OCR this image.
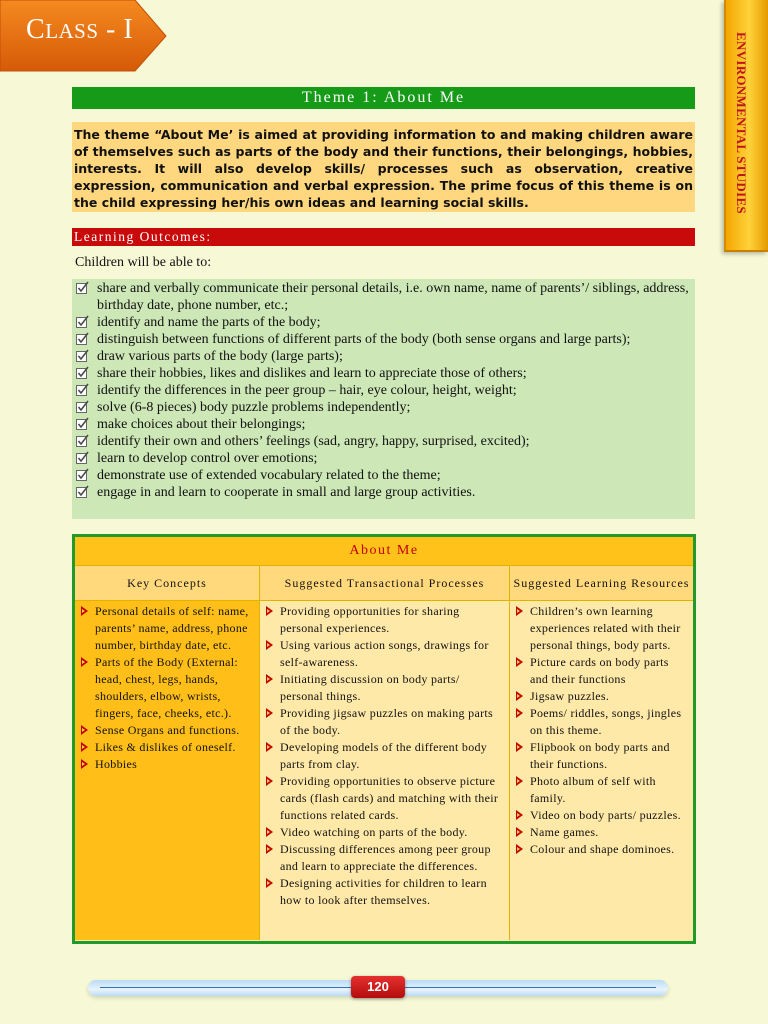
CLASS - I
ENVIRONMENTAL STUDIES
Theme 1: About Me
The theme “About Me’ is aimed at providing information to and making children aware of themselves such as parts of the body and their functions, their belongings, hobbies, interests. It will also develop skills/ processes such as observation, creative expression, communication and verbal expression. The prime focus of this theme is on the child expressing her/his own ideas and learning social skills.
Learning Outcomes:
Children will be able to:
share and verbally communicate their personal details, i.e. own name, name of parents’/ siblings, address, birthday date, phone number, etc.;
identify and name the parts of the body;
distinguish between functions of different parts of the body (both sense organs and large parts);
draw various parts of the body (large parts);
share their hobbies, likes and dislikes and learn to appreciate those of others;
identify the differences in the peer group – hair, eye colour, height, weight;
solve (6-8 pieces) body puzzle problems independently;
make choices about their belongings;
identify their own and others’ feelings (sad, angry, happy, surprised, excited);
learn to develop control over emotions;
demonstrate use of extended vocabulary related to the theme;
engage in and learn to cooperate in small and large group activities.
About Me
Key Concepts	Suggested Transactional Processes	Suggested Learning Resources
Personal details of self: name, parents’ name, address, phone number, birthday date, etc.
Parts of the Body (External: head, chest, legs, hands, shoulders, elbow, wrists, fingers, face, cheeks, etc.).
Sense Organs and functions.
Likes & dislikes of oneself.
Hobbies
Providing opportunities for sharing personal experiences.
Using various action songs, drawings for self-awareness.
Initiating discussion on body parts/ personal things.
Providing jigsaw puzzles on making parts of the body.
Developing models of the different body parts from clay.
Providing opportunities to observe picture cards (flash cards) and matching with their functions related cards.
Video watching on parts of the body.
Discussing differences among peer group and learn to appreciate the differences.
Designing activities for children to learn how to look after themselves.
Children’s own learning experiences related with their personal things, body parts.
Picture cards on body parts and their functions
Jigsaw puzzles.
Poems/ riddles, songs, jingles on this theme.
Flipbook on body parts and their functions.
Photo album of self with family.
Video on body parts/ puzzles.
Name games.
Colour and shape dominoes.
120
